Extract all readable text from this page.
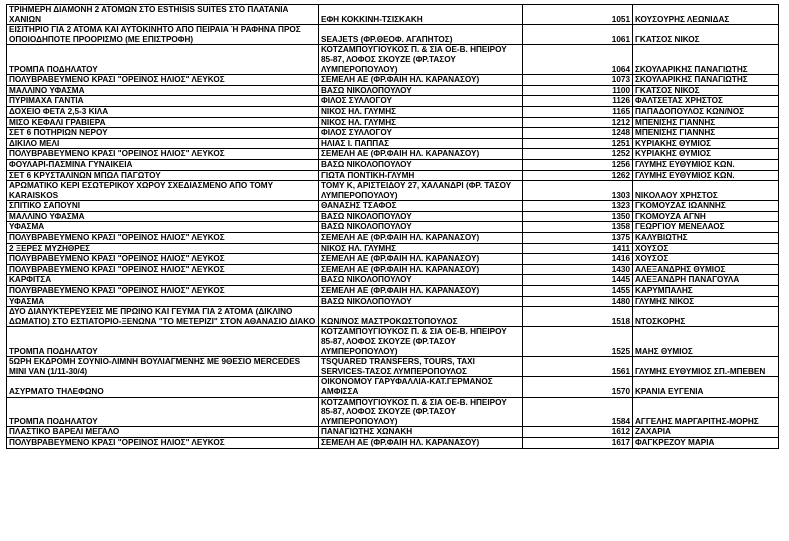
ΤΡΙΗΜΕΡΗ ΔΙΑΜΟΝΗ 2 ΑΤΟΜΩΝ ΣΤΟ ESTHISIS SUITES ΣΤΟ ΠΛΑΤΑΝΙΑ ΧΑΝΙΩΝ	ΕΦΗ ΚΟΚΚΙΝΗ-ΤΣΙΣΚΑΚΗ	1051	ΚΟΥΣΟΥΡΗΣ ΛΕΩΝΙΔΑΣ
ΕΙΣΙΤΗΡΙΟ ΓΙΑ 2 ΑΤΟΜΑ ΚΑΙ ΑΥΤΟΚΙΝΗΤΟ ΑΠΟ ΠΕΙΡΑΙΑ Ή ΡΑΦΗΝΑ ΠΡΟΣ ΟΠΟΙΟΔΗΠΟΤΕ ΠΡΟΟΡΙΣΜΟ (ΜΕ ΕΠΙΣΤΡΟΦΗ)	SEAJETS (ΦΡ.ΘΕΟΦ. ΑΓΑΠΗΤΟΣ)	1061	ΓΚΑΤΣΟΣ ΝΙΚΟΣ
ΤΡΟΜΠΑ ΠΟΔΗΛΑΤΟΥ	ΚΟΤΖΑΜΠΟΥΓΙΟΥΚΟΣ Π. & ΣΙΑ ΟΕ-Β. ΗΠΕΙΡΟΥ 85-87, ΛΟΦΟΣ ΣΚΟΥΖΕ (ΦΡ.ΤΑΣΟΥ ΛΥΜΠΕΡΟΠΟΥΛΟΥ)	1064	ΣΚΟΥΛΑΡΙΚΗΣ ΠΑΝΑΓΙΩΤΗΣ
ΠΟΛΥΒΡΑΒΕΥΜΕΝΟ ΚΡΑΣΙ "ΟΡΕΙΝΟΣ ΗΛΙΟΣ" ΛΕΥΚΟΣ	ΣΕΜΕΛΗ ΑΕ (ΦΡ.ΦΑΙΗ ΗΛ. ΚΑΡΑΝΑΣΟΥ)	1073	ΣΚΟΥΛΑΡΙΚΗΣ ΠΑΝΑΓΙΩΤΗΣ
ΜΑΛΛΙΝΟ ΥΦΑΣΜΑ	ΒΑΣΩ ΝΙΚΟΛΟΠΟΥΛΟΥ	1100	ΓΚΑΤΣΟΣ ΝΙΚΟΣ
ΠΥΡΙΜΑΧΑ ΓΑΝΤΙΑ	ΦΙΛΟΣ ΣΥΛΛΟΓΟΥ	1126	ΦΑΛΤΣΕΤΑΣ ΧΡΗΣΤΟΣ
ΔΟΧΕΙΟ ΦΕΤΑ 2,5-3 ΚΙΛΑ	ΝΙΚΟΣ ΗΛ. ΓΛΥΜΗΣ	1165	ΠΑΠΑΔΟΠΟΥΛΟΣ ΚΩΝ/ΝΟΣ
ΜΙΣΟ ΚΕΦΑΛΙ ΓΡΑΒΙΕΡΑ	ΝΙΚΟΣ ΗΛ. ΓΛΥΜΗΣ	1212	ΜΠΕΝΙΣΗΣ ΓΙΑΝΝΗΣ
ΣΕΤ 6 ΠΟΤΗΡΙΩΝ ΝΕΡΟΥ	ΦΙΛΟΣ ΣΥΛΛΟΓΟΥ	1248	ΜΠΕΝΙΣΗΣ ΓΙΑΝΝΗΣ
ΔΙΚΙΛΟ ΜΕΛΙ	ΗΛΙΑΣ Ι. ΠΑΠΠΑΣ	1251	ΚΥΡΙΑΚΗΣ ΘΥΜΙΟΣ
ΠΟΛΥΒΡΑΒΕΥΜΕΝΟ ΚΡΑΣΙ "ΟΡΕΙΝΟΣ ΗΛΙΟΣ" ΛΕΥΚΟΣ	ΣΕΜΕΛΗ ΑΕ (ΦΡ.ΦΑΙΗ ΗΛ. ΚΑΡΑΝΑΣΟΥ)	1252	ΚΥΡΙΑΚΗΣ ΘΥΜΙΟΣ
ΦΟΥΛΑΡΙ-ΠΑΣΜΙΝΑ ΓΥΝΑΙΚΕΙΑ	ΒΑΣΩ ΝΙΚΟΛΟΠΟΥΛΟΥ	1256	ΓΛΥΜΗΣ ΕΥΘΥΜΙΟΣ ΚΩΝ.
ΣΕΤ 6 ΚΡΥΣΤΑΛΙΝΩΝ ΜΠΩΛ ΠΑΓΩΤΟΥ	ΓΙΩΤΑ ΠΟΝΤΙΚΗ-ΓΛΥΜΗ	1262	ΓΛΥΜΗΣ ΕΥΘΥΜΙΟΣ ΚΩΝ.
ΑΡΩΜΑΤΙΚΟ ΚΕΡΙ ΕΣΩΤΕΡΙΚΟΥ ΧΩΡΟΥ ΣΧΕΔΙΑΣΜΕΝΟ ΑΠΟ ΤΟΜΥ KARAISKOS	ΤΟΜΥ Κ, ΑΡΙΣΤΕΙΔΟΥ 27, ΧΑΛΑΝΔΡΙ (ΦΡ. ΤΑΣΟΥ ΛΥΜΠΕΡΟΠΟΥΛΟΥ)	1303	ΝΙΚΟΛΑΟΥ ΧΡΗΣΤΟΣ
ΣΠΙΤΙΚΟ ΣΑΠΟΥΝΙ	ΘΑΝΑΣΗΣ ΤΣΑΦΟΣ	1323	ΓΚΟΜΟΥΖΑΣ ΙΩΑΝΝΗΣ
ΜΑΛΛΙΝΟ ΥΦΑΣΜΑ	ΒΑΣΩ ΝΙΚΟΛΟΠΟΥΛΟΥ	1350	ΓΚΟΜΟΥΖΑ ΑΓΝΗ
ΥΦΑΣΜΑ	ΒΑΣΩ ΝΙΚΟΛΟΠΟΥΛΟΥ	1358	ΓΕΩΡΓΙΟΥ ΜΕΝΕΛΑΟΣ
ΠΟΛΥΒΡΑΒΕΥΜΕΝΟ ΚΡΑΣΙ "ΟΡΕΙΝΟΣ ΗΛΙΟΣ" ΛΕΥΚΟΣ	ΣΕΜΕΛΗ ΑΕ (ΦΡ.ΦΑΙΗ ΗΛ. ΚΑΡΑΝΑΣΟΥ)	1375	ΚΑΛΥΒΙΩΤΗΣ
2 ΞΕΡΕΣ ΜΥΖΗΘΡΕΣ	ΝΙΚΟΣ ΗΛ. ΓΛΥΜΗΣ	1411	ΧΟΥΣΟΣ
ΠΟΛΥΒΡΑΒΕΥΜΕΝΟ ΚΡΑΣΙ "ΟΡΕΙΝΟΣ ΗΛΙΟΣ" ΛΕΥΚΟΣ	ΣΕΜΕΛΗ ΑΕ (ΦΡ.ΦΑΙΗ ΗΛ. ΚΑΡΑΝΑΣΟΥ)	1416	ΧΟΥΣΟΣ
ΠΟΛΥΒΡΑΒΕΥΜΕΝΟ ΚΡΑΣΙ "ΟΡΕΙΝΟΣ ΗΛΙΟΣ" ΛΕΥΚΟΣ	ΣΕΜΕΛΗ ΑΕ (ΦΡ.ΦΑΙΗ ΗΛ. ΚΑΡΑΝΑΣΟΥ)	1430	ΑΛΕΞΑΝΔΡΗΣ ΘΥΜΙΟΣ
ΚΑΡΦΙΤΣΑ	ΒΑΣΩ ΝΙΚΟΛΟΠΟΥΛΟΥ	1445	ΑΛΕΞΑΝΔΡΗ ΠΑΝΑΓΟΥΛΑ
ΠΟΛΥΒΡΑΒΕΥΜΕΝΟ ΚΡΑΣΙ "ΟΡΕΙΝΟΣ ΗΛΙΟΣ" ΛΕΥΚΟΣ	ΣΕΜΕΛΗ ΑΕ (ΦΡ.ΦΑΙΗ ΗΛ. ΚΑΡΑΝΑΣΟΥ)	1455	ΚΑΡΥΜΠΑΛΗΣ
ΥΦΑΣΜΑ	ΒΑΣΩ ΝΙΚΟΛΟΠΟΥΛΟΥ	1480	ΓΛΥΜΗΣ ΝΙΚΟΣ
ΔΥΟ ΔΙΑΝΥΚΤΕΡΕΥΣΕΙΣ ΜΕ ΠΡΩΙΝΟ ΚΑΙ ΓΕΥΜΑ ΓΙΑ 2 ΑΤΟΜΑ (ΔΙΚΛΙΝΟ ΔΩΜΑΤΙΟ) ΣΤΟ ΕΣΤΙΑΤΟΡΙΟ-ΞΕΝΩΝΑ "ΤΟ ΜΕΤΕΡΙΖΙ" ΣΤΟΝ ΑΘΑΝΑΣΙΟ ΔΙΑΚΟ	ΚΩΝ/ΝΟΣ ΜΑΣΤΡΟΚΩΣΤΟΠΟΥΛΟΣ	1518	ΝΤΟΣΚΟΡΗΣ
ΤΡΟΜΠΑ ΠΟΔΗΛΑΤΟΥ	ΚΟΤΖΑΜΠΟΥΓΙΟΥΚΟΣ Π. & ΣΙΑ ΟΕ-Β. ΗΠΕΙΡΟΥ 85-87, ΛΟΦΟΣ ΣΚΟΥΖΕ (ΦΡ.ΤΑΣΟΥ ΛΥΜΠΕΡΟΠΟΥΛΟΥ)	1525	ΜΑΗΣ ΘΥΜΙΟΣ
5ΩΡΗ ΕΚΔΡΟΜΗ ΣΟΥΝΙΟ-ΛΙΜΝΗ ΒΟΥΛΙΑΓΜΕΝΗΣ ΜΕ 9ΘΕΣΙΟ MERCEDES MINI VAN (1/11-30/4)	TSQUARED TRANSFERS, TOURS, TAXI SERVICES-ΤΑΣΟΣ ΛΥΜΠΕΡΟΠΟΥΛΟΣ	1561	ΓΛΥΜΗΣ ΕΥΘΥΜΙΟΣ ΣΠ.-ΜΠΕΒΕΝ
ΑΣΥΡΜΑΤΟ ΤΗΛΕΦΩΝΟ	ΟΙΚΟΝΟΜΟΥ ΓΑΡΥΦΑΛΛΙΑ-ΚΑΤ.ΓΕΡΜΑΝΟΣ ΑΜΦΙΣΣΑ	1570	ΚΡΑΝΙΑ ΕΥΓΕΝΙΑ
ΤΡΟΜΠΑ ΠΟΔΗΛΑΤΟΥ	ΚΟΤΖΑΜΠΟΥΓΙΟΥΚΟΣ Π. & ΣΙΑ ΟΕ-Β. ΗΠΕΙΡΟΥ 85-87, ΛΟΦΟΣ ΣΚΟΥΖΕ (ΦΡ.ΤΑΣΟΥ ΛΥΜΠΕΡΟΠΟΥΛΟΥ)	1584	ΑΓΓΕΛΗΣ ΜΑΡΓΑΡΙΤΗΣ-ΜΟΡΗΣ
ΠΛΑΣΤΙΚΟ ΒΑΡΕΛΙ ΜΕΓΑΛΟ	ΠΑΝΑΓΙΩΤΗΣ ΧΩΝΑΚΗ	1612	ΖΑΧΑΡΙΑ
ΠΟΛΥΒΡΑΒΕΥΜΕΝΟ ΚΡΑΣΙ "ΟΡΕΙΝΟΣ ΗΛΙΟΣ" ΛΕΥΚΟΣ	ΣΕΜΕΛΗ ΑΕ (ΦΡ.ΦΑΙΗ ΗΛ. ΚΑΡΑΝΑΣΟΥ)	1617	ΦΑΓΚΡΕΖΟΥ ΜΑΡΙΑ
